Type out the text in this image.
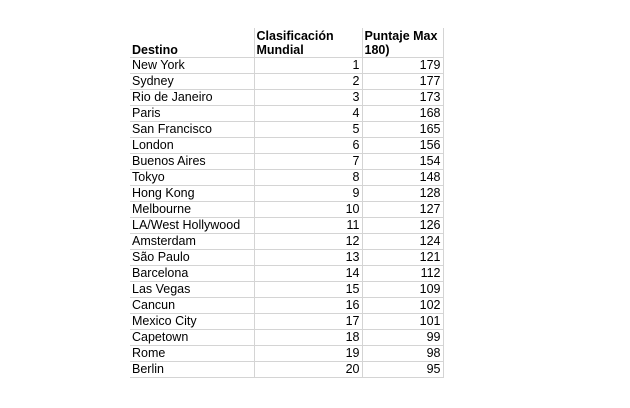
Destino	Clasificación Mundial	Puntaje Max 180)
New York	1	179
Sydney	2	177
Rio de Janeiro	3	173
Paris	4	168
San Francisco	5	165
London	6	156
Buenos Aires	7	154
Tokyo	8	148
Hong Kong	9	128
Melbourne	10	127
LA/West Hollywood	11	126
Amsterdam	12	124
São Paulo	13	121
Barcelona	14	112
Las Vegas	15	109
Cancun	16	102
Mexico City	17	101
Capetown	18	99
Rome	19	98
Berlin	20	95
